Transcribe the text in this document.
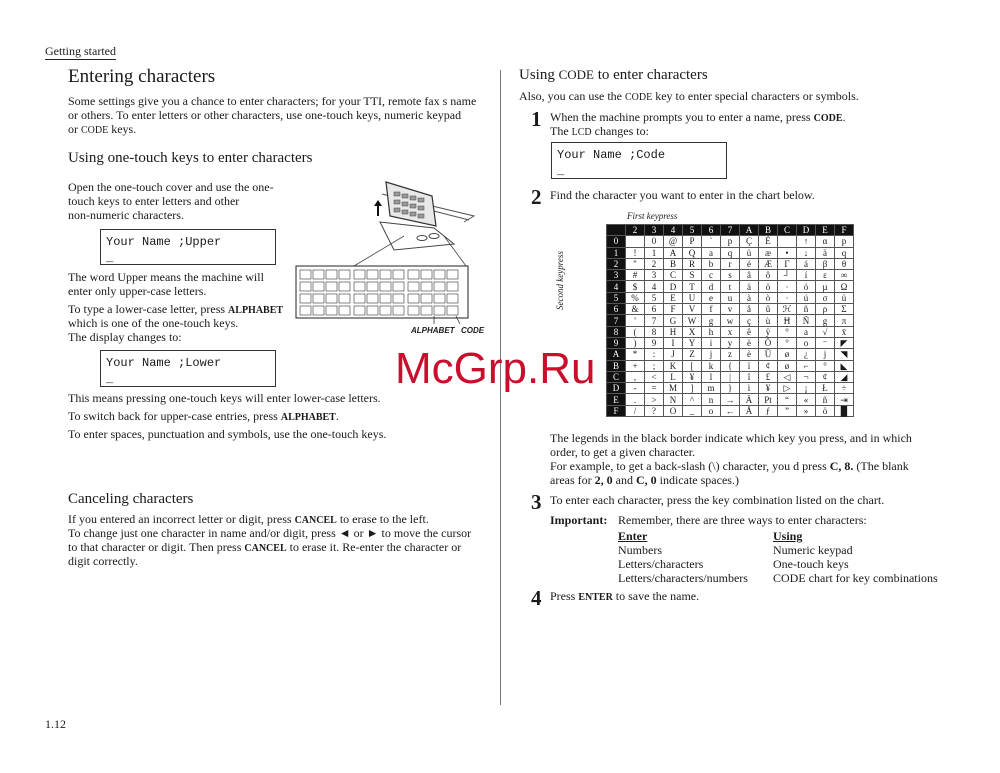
Getting started
1.12
Entering characters
Some settings give you a chance to enter characters; for your TTI, remote fax s name
or others. To enter letters or other characters, use one-touch keys, numeric keypad
or CODE keys.
Using one-touch keys to enter characters
Open the one-touch cover and use the one-
touch keys to enter letters and other
non-numeric characters.
Your Name ;Upper
_
The word Upper means the machine will
enter only upper-case letters.
To type a lower-case letter, press ALPHABET
which is one of the one-touch keys.
The display changes to:
Your Name ;Lower
_
This means pressing one-touch keys will enter lower-case letters.
To switch back for upper-case entries, press ALPHABET.
To enter spaces, punctuation and symbols, use the one-touch keys.
ALPHABET CODE
Canceling characters
If you entered an incorrect letter or digit, press CANCEL to erase to the left.
To change just one character in name and/or digit, press ◄ or ► to move the cursor
to that character or digit. Then press CANCEL to erase it. Re-enter the character or
digit correctly.
Using CODE to enter characters
Also, you can use the CODE key to enter special characters or symbols.
1 When the machine prompts you to enter a name, press CODE.
The LCD changes to:
Your Name ;Code
_
2 Find the character you want to enter in the chart below.
First keypress
Second keypress
	2	3	4	5	6	7	A	B	C	D	E	F
0		0	@	P	`	p	Ç	É		↑	α	p
1	!	1	A	Q	a	q	ü	æ	•	↓	ä	q
2	"	2	B	R	b	r	é	Æ	Γ	á	β	θ
3	#	3	C	S	c	s	â	ô	┘	í	ε	∞
4	$	4	D	T	d	t	ä	ö	·	ó	µ	Ω
5	%	5	E	U	e	u	à	ò	·	ú	σ	ü
6	&	6	F	V	f	v	å	û	ℋ	ñ	ρ	Σ
7	'	7	G	W	g	w	ç	ù	Ħ	Ñ	g	π
8	(	8	H	X	h	x	ê	ÿ	°	a	√	x̄
9	)	9	I	Y	i	y	ë	Ö	°	o	⁻	◤
A	*	:	J	Z	j	z	è	Ü	ø	¿	j	◥
B	+	;	K	[	k	{	ï	¢	ø	⌐	°	◣
C	,	<	L	¥	l	|	î	£	◁	¬	¢	◢
D	-	=	M	]	m	}	ì	¥	▷	¡	Ł	÷
E	.	>	N	^	n	→	Ä	Pt	“	«	ñ	⇥
F	/	?	O	_	o	←	Å	ƒ	”	»	ö	█
The legends in the black border indicate which key you press, and in which
order, to get a given character.
For example, to get a back-slash (\) character, you d press C, 8. (The blank
areas for 2, 0 and C, 0 indicate spaces.)
3 To enter each character, press the key combination listed on the chart.
Important: Remember, there are three ways to enter characters:
Enter	Using
Numbers	Numeric keypad
Letters/characters	One-touch keys
Letters/characters/numbers CODE chart for key combinations
4 Press ENTER to save the name.
McGrp.Ru
